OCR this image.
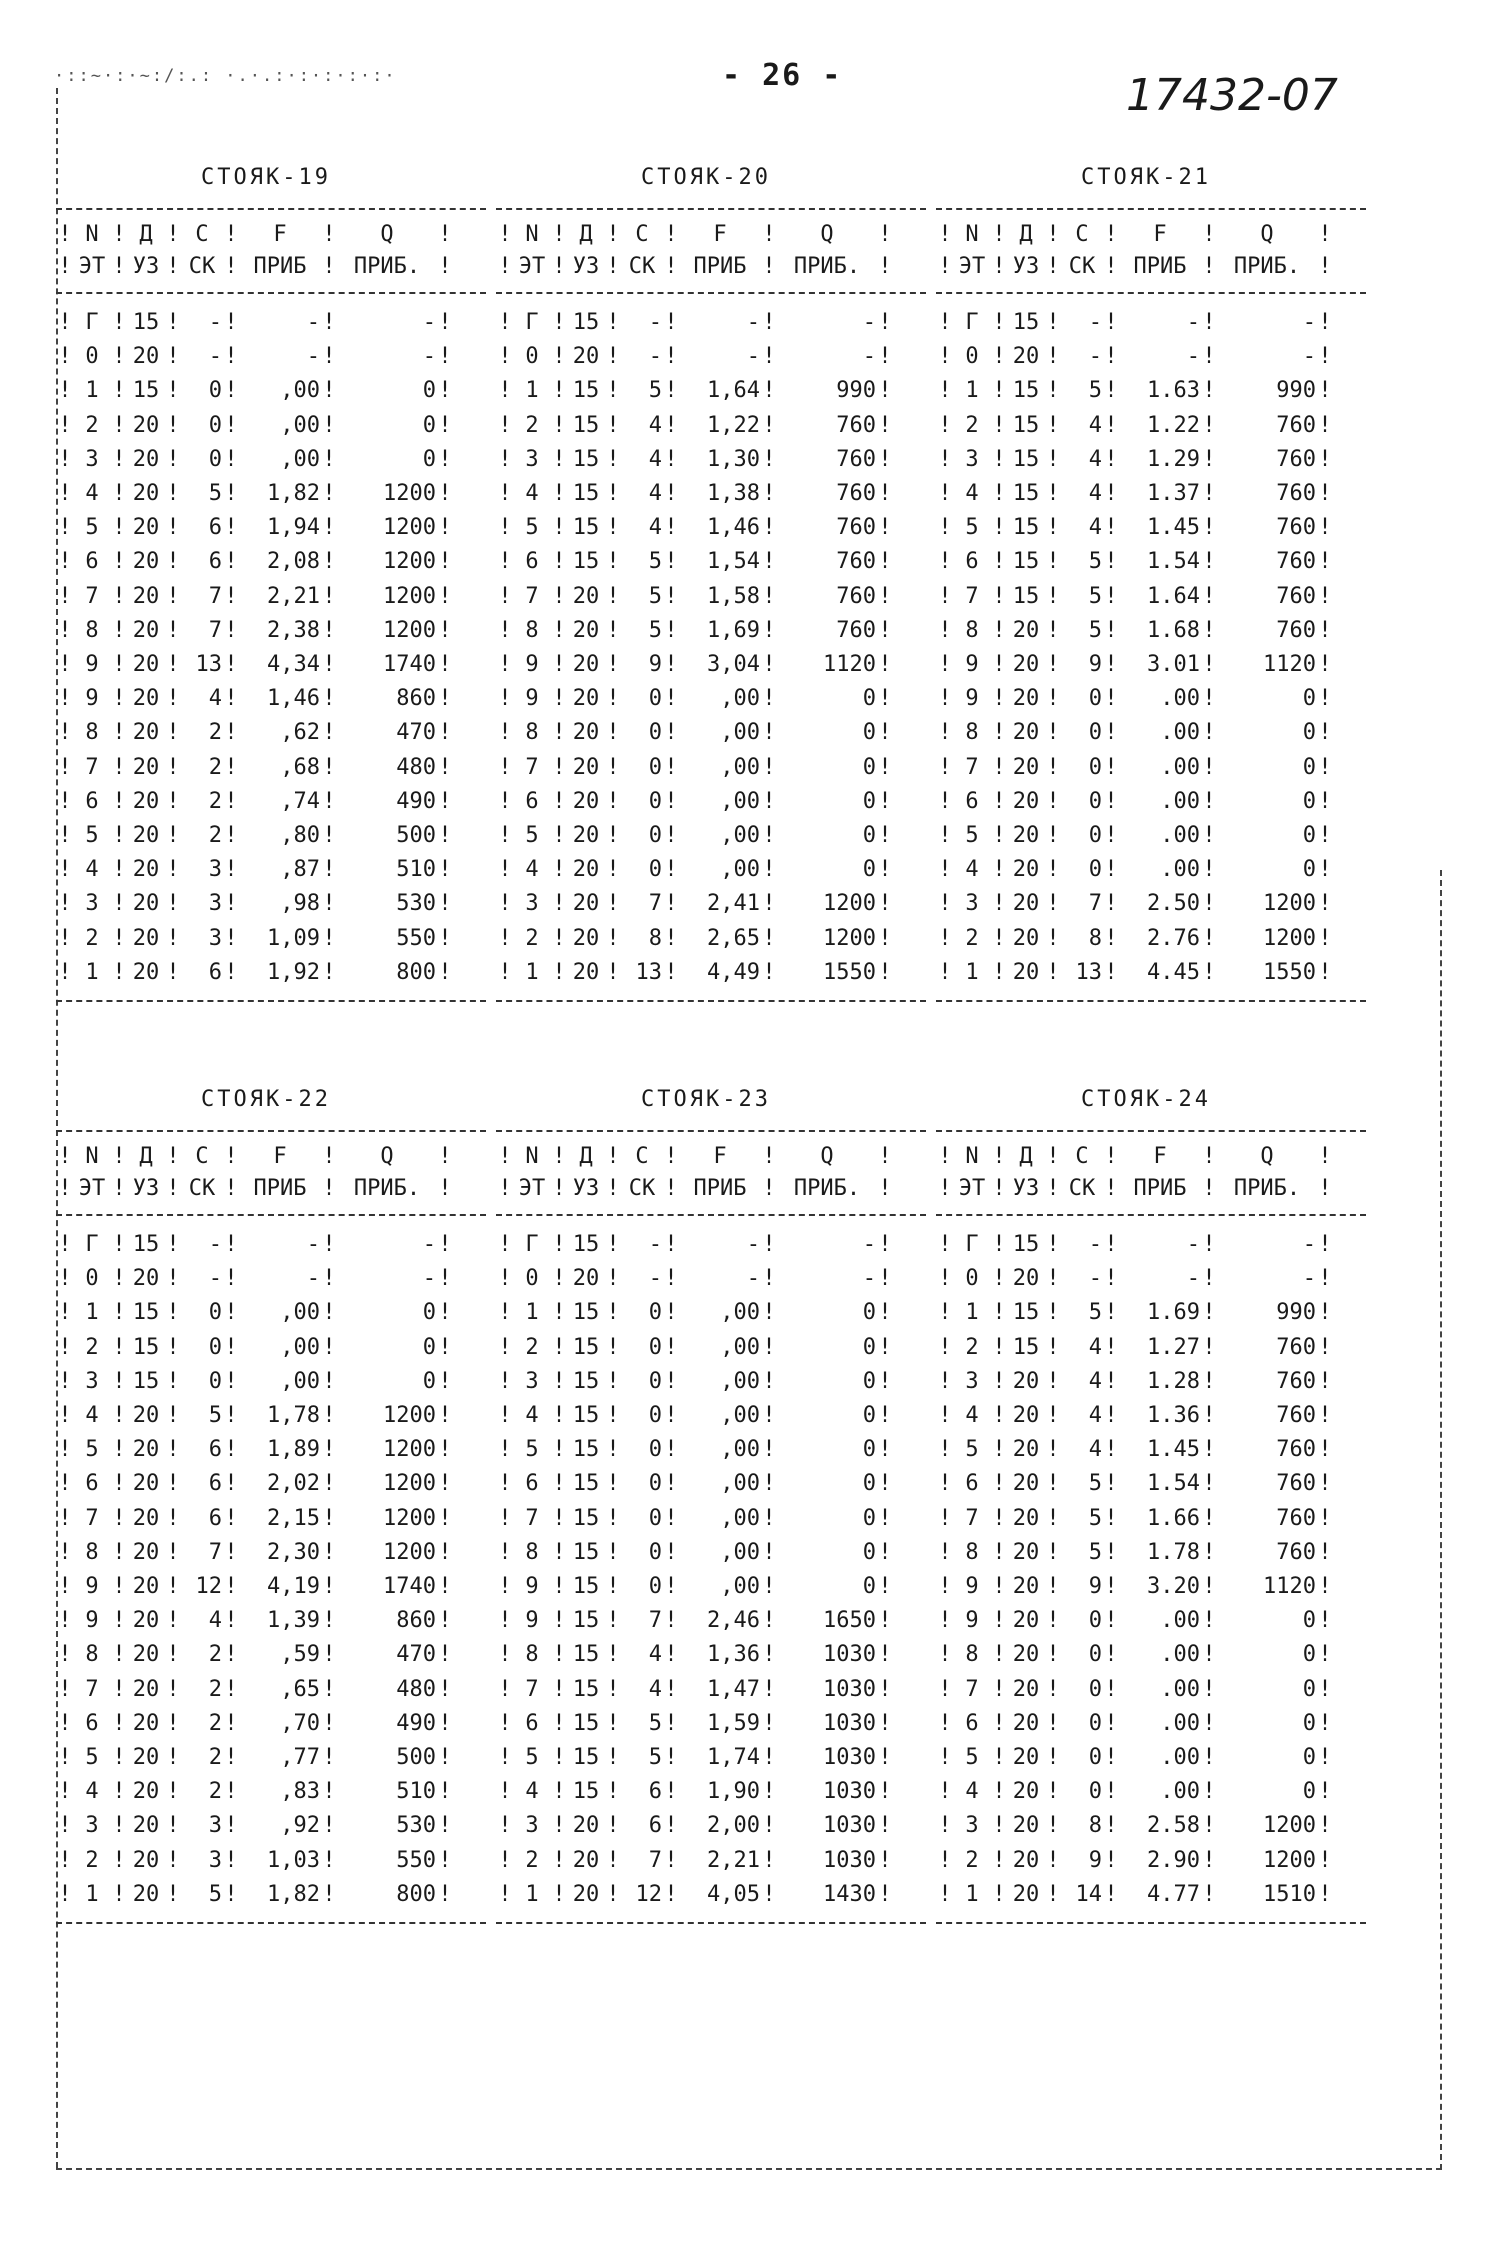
·::~·:·~:/:.: ·.·.:·:·:·:·:·	- 26 -	17432-07
СТОЯК-19
! N ! Д ! С ! F ! Q !
! ЭТ ! УЗ ! СК ! ПРИБ ! ПРИБ. !
! Г ! 15 ! - !	- !	- !
! 0 ! 20 ! - !	- !	- !
! 1 ! 15 ! 0 ! ,00 !	0 !
! 2 ! 20 ! 0 ! ,00 !	0 !
! 3 ! 20 ! 0 ! ,00 !	0 !
! 4 ! 20 ! 5 ! 1,82 ! 1200 !
! 5 ! 20 ! 6 ! 1,94 ! 1200 !
! 6 ! 20 ! 6 ! 2,08 ! 1200 !
! 7 ! 20 ! 7 ! 2,21 ! 1200 !
! 8 ! 20 ! 7 ! 2,38 ! 1200 !
! 9 ! 20 ! 13 ! 4,34 ! 1740 !
! 9 ! 20 ! 4 ! 1,46 !	860 !
! 8 ! 20 ! 2 ! ,62 !	470 !
! 7 ! 20 ! 2 ! ,68 !	480 !
! 6 ! 20 ! 2 ! ,74 !	490 !
! 5 ! 20 ! 2 ! ,80 !	500 !
! 4 ! 20 ! 3 ! ,87 !	510 !
! 3 ! 20 ! 3 ! ,98 !	530 !
! 2 ! 20 ! 3 ! 1,09 !	550 !
! 1 ! 20 ! 6 ! 1,92 !	800 !
СТОЯК-20
! N ! Д ! С ! F ! Q !
! ЭТ ! УЗ ! СК ! ПРИБ ! ПРИБ. !
! Г ! 15 ! - !	- !	- !
! 0 ! 20 ! - !	- !	- !
! 1 ! 15 ! 5 ! 1,64 !	990 !
! 2 ! 15 ! 4 ! 1,22 !	760 !
! 3 ! 15 ! 4 ! 1,30 !	760 !
! 4 ! 15 ! 4 ! 1,38 !	760 !
! 5 ! 15 ! 4 ! 1,46 !	760 !
! 6 ! 15 ! 5 ! 1,54 !	760 !
! 7 ! 20 ! 5 ! 1,58 !	760 !
! 8 ! 20 ! 5 ! 1,69 !	760 !
! 9 ! 20 ! 9 ! 3,04 ! 1120 !
! 9 ! 20 ! 0 ! ,00 !	0 !
! 8 ! 20 ! 0 ! ,00 !	0 !
! 7 ! 20 ! 0 ! ,00 !	0 !
! 6 ! 20 ! 0 ! ,00 !	0 !
! 5 ! 20 ! 0 ! ,00 !	0 !
! 4 ! 20 ! 0 ! ,00 !	0 !
! 3 ! 20 ! 7 ! 2,41 ! 1200 !
! 2 ! 20 ! 8 ! 2,65 ! 1200 !
! 1 ! 20 ! 13 ! 4,49 ! 1550 !
СТОЯК-21
! N ! Д ! С ! F ! Q !
! ЭТ ! УЗ ! СК ! ПРИБ ! ПРИБ. !
! Г ! 15 ! - !	- !	- !
! 0 ! 20 ! - !	- !	- !
! 1 ! 15 ! 5 ! 1.63 !	990 !
! 2 ! 15 ! 4 ! 1.22 !	760 !
! 3 ! 15 ! 4 ! 1.29 !	760 !
! 4 ! 15 ! 4 ! 1.37 !	760 !
! 5 ! 15 ! 4 ! 1.45 !	760 !
! 6 ! 15 ! 5 ! 1.54 !	760 !
! 7 ! 15 ! 5 ! 1.64 !	760 !
! 8 ! 20 ! 5 ! 1.68 !	760 !
! 9 ! 20 ! 9 ! 3.01 ! 1120 !
! 9 ! 20 ! 0 ! .00 !	0 !
! 8 ! 20 ! 0 ! .00 !	0 !
! 7 ! 20 ! 0 ! .00 !	0 !
! 6 ! 20 ! 0 ! .00 !	0 !
! 5 ! 20 ! 0 ! .00 !	0 !
! 4 ! 20 ! 0 ! .00 !	0 !
! 3 ! 20 ! 7 ! 2.50 ! 1200 !
! 2 ! 20 ! 8 ! 2.76 ! 1200 !
! 1 ! 20 ! 13 ! 4.45 ! 1550 !
СТОЯК-22
! N ! Д ! С ! F ! Q !
! ЭТ ! УЗ ! СК ! ПРИБ ! ПРИБ. !
! Г ! 15 ! - !	- !	- !
! 0 ! 20 ! - !	- !	- !
! 1 ! 15 ! 0 ! ,00 !	0 !
! 2 ! 15 ! 0 ! ,00 !	0 !
! 3 ! 15 ! 0 ! ,00 !	0 !
! 4 ! 20 ! 5 ! 1,78 ! 1200 !
! 5 ! 20 ! 6 ! 1,89 ! 1200 !
! 6 ! 20 ! 6 ! 2,02 ! 1200 !
! 7 ! 20 ! 6 ! 2,15 ! 1200 !
! 8 ! 20 ! 7 ! 2,30 ! 1200 !
! 9 ! 20 ! 12 ! 4,19 ! 1740 !
! 9 ! 20 ! 4 ! 1,39 !	860 !
! 8 ! 20 ! 2 ! ,59 !	470 !
! 7 ! 20 ! 2 ! ,65 !	480 !
! 6 ! 20 ! 2 ! ,70 !	490 !
! 5 ! 20 ! 2 ! ,77 !	500 !
! 4 ! 20 ! 2 ! ,83 !	510 !
! 3 ! 20 ! 3 ! ,92 !	530 !
! 2 ! 20 ! 3 ! 1,03 !	550 !
! 1 ! 20 ! 5 ! 1,82 !	800 !
СТОЯК-23
! N ! Д ! С ! F ! Q !
! ЭТ ! УЗ ! СК ! ПРИБ ! ПРИБ. !
! Г ! 15 ! - !	- !	- !
! 0 ! 20 ! - !	- !	- !
! 1 ! 15 ! 0 ! ,00 !	0 !
! 2 ! 15 ! 0 ! ,00 !	0 !
! 3 ! 15 ! 0 ! ,00 !	0 !
! 4 ! 15 ! 0 ! ,00 !	0 !
! 5 ! 15 ! 0 ! ,00 !	0 !
! 6 ! 15 ! 0 ! ,00 !	0 !
! 7 ! 15 ! 0 ! ,00 !	0 !
! 8 ! 15 ! 0 ! ,00 !	0 !
! 9 ! 15 ! 0 ! ,00 !	0 !
! 9 ! 15 ! 7 ! 2,46 ! 1650 !
! 8 ! 15 ! 4 ! 1,36 ! 1030 !
! 7 ! 15 ! 4 ! 1,47 ! 1030 !
! 6 ! 15 ! 5 ! 1,59 ! 1030 !
! 5 ! 15 ! 5 ! 1,74 ! 1030 !
! 4 ! 15 ! 6 ! 1,90 ! 1030 !
! 3 ! 20 ! 6 ! 2,00 ! 1030 !
! 2 ! 20 ! 7 ! 2,21 ! 1030 !
! 1 ! 20 ! 12 ! 4,05 ! 1430 !
СТОЯК-24
! N ! Д ! С ! F ! Q !
! ЭТ ! УЗ ! СК ! ПРИБ ! ПРИБ. !
! Г ! 15 ! - !	- !	- !
! 0 ! 20 ! - !	- !	- !
! 1 ! 15 ! 5 ! 1.69 !	990 !
! 2 ! 15 ! 4 ! 1.27 !	760 !
! 3 ! 20 ! 4 ! 1.28 !	760 !
! 4 ! 20 ! 4 ! 1.36 !	760 !
! 5 ! 20 ! 4 ! 1.45 !	760 !
! 6 ! 20 ! 5 ! 1.54 !	760 !
! 7 ! 20 ! 5 ! 1.66 !	760 !
! 8 ! 20 ! 5 ! 1.78 !	760 !
! 9 ! 20 ! 9 ! 3.20 ! 1120 !
! 9 ! 20 ! 0 ! .00 !	0 !
! 8 ! 20 ! 0 ! .00 !	0 !
! 7 ! 20 ! 0 ! .00 !	0 !
! 6 ! 20 ! 0 ! .00 !	0 !
! 5 ! 20 ! 0 ! .00 !	0 !
! 4 ! 20 ! 0 ! .00 !	0 !
! 3 ! 20 ! 8 ! 2.58 ! 1200 !
! 2 ! 20 ! 9 ! 2.90 ! 1200 !
! 1 ! 20 ! 14 ! 4.77 ! 1510 !
